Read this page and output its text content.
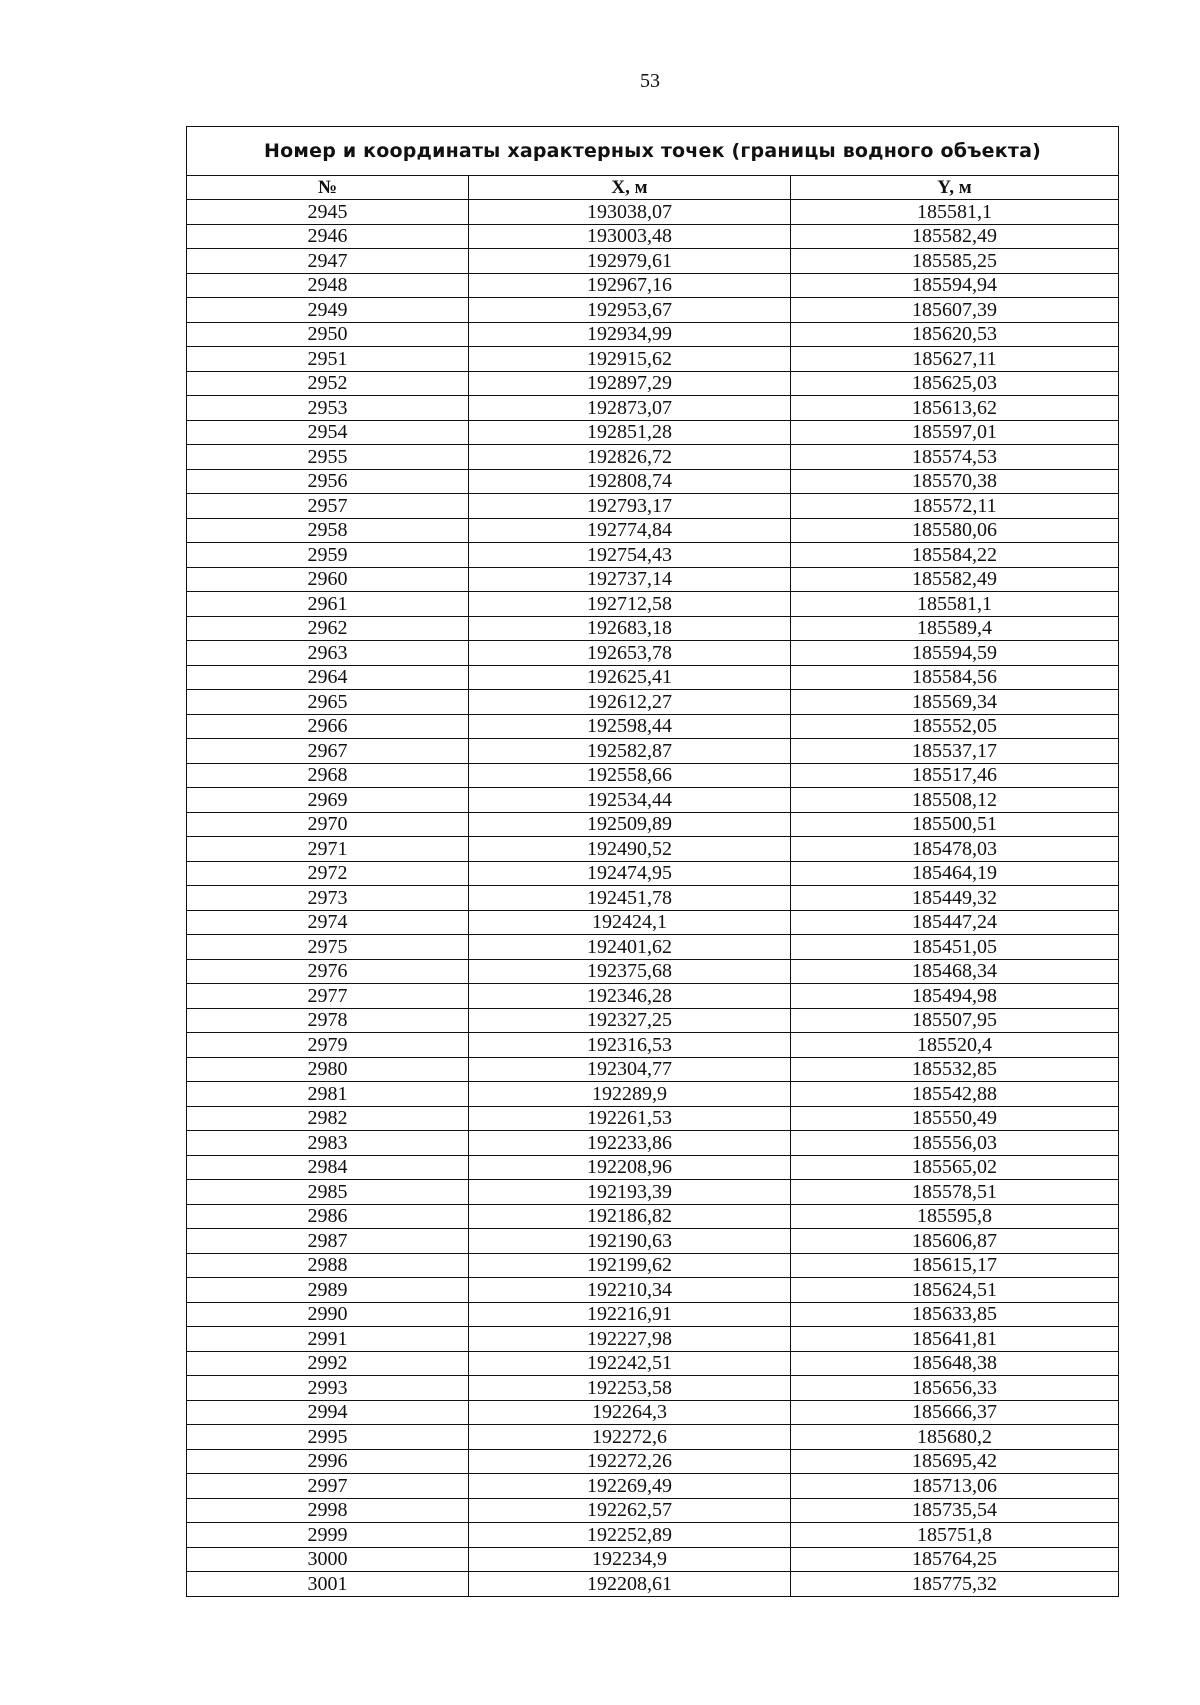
53
Номер и координаты характерных точек (границы водного объекта)		
№	X, м	Y, м
2945	193038,07	185581,1
2946	193003,48	185582,49
2947	192979,61	185585,25
2948	192967,16	185594,94
2949	192953,67	185607,39
2950	192934,99	185620,53
2951	192915,62	185627,11
2952	192897,29	185625,03
2953	192873,07	185613,62
2954	192851,28	185597,01
2955	192826,72	185574,53
2956	192808,74	185570,38
2957	192793,17	185572,11
2958	192774,84	185580,06
2959	192754,43	185584,22
2960	192737,14	185582,49
2961	192712,58	185581,1
2962	192683,18	185589,4
2963	192653,78	185594,59
2964	192625,41	185584,56
2965	192612,27	185569,34
2966	192598,44	185552,05
2967	192582,87	185537,17
2968	192558,66	185517,46
2969	192534,44	185508,12
2970	192509,89	185500,51
2971	192490,52	185478,03
2972	192474,95	185464,19
2973	192451,78	185449,32
2974	192424,1	185447,24
2975	192401,62	185451,05
2976	192375,68	185468,34
2977	192346,28	185494,98
2978	192327,25	185507,95
2979	192316,53	185520,4
2980	192304,77	185532,85
2981	192289,9	185542,88
2982	192261,53	185550,49
2983	192233,86	185556,03
2984	192208,96	185565,02
2985	192193,39	185578,51
2986	192186,82	185595,8
2987	192190,63	185606,87
2988	192199,62	185615,17
2989	192210,34	185624,51
2990	192216,91	185633,85
2991	192227,98	185641,81
2992	192242,51	185648,38
2993	192253,58	185656,33
2994	192264,3	185666,37
2995	192272,6	185680,2
2996	192272,26	185695,42
2997	192269,49	185713,06
2998	192262,57	185735,54
2999	192252,89	185751,8
3000	192234,9	185764,25
3001	192208,61	185775,32
